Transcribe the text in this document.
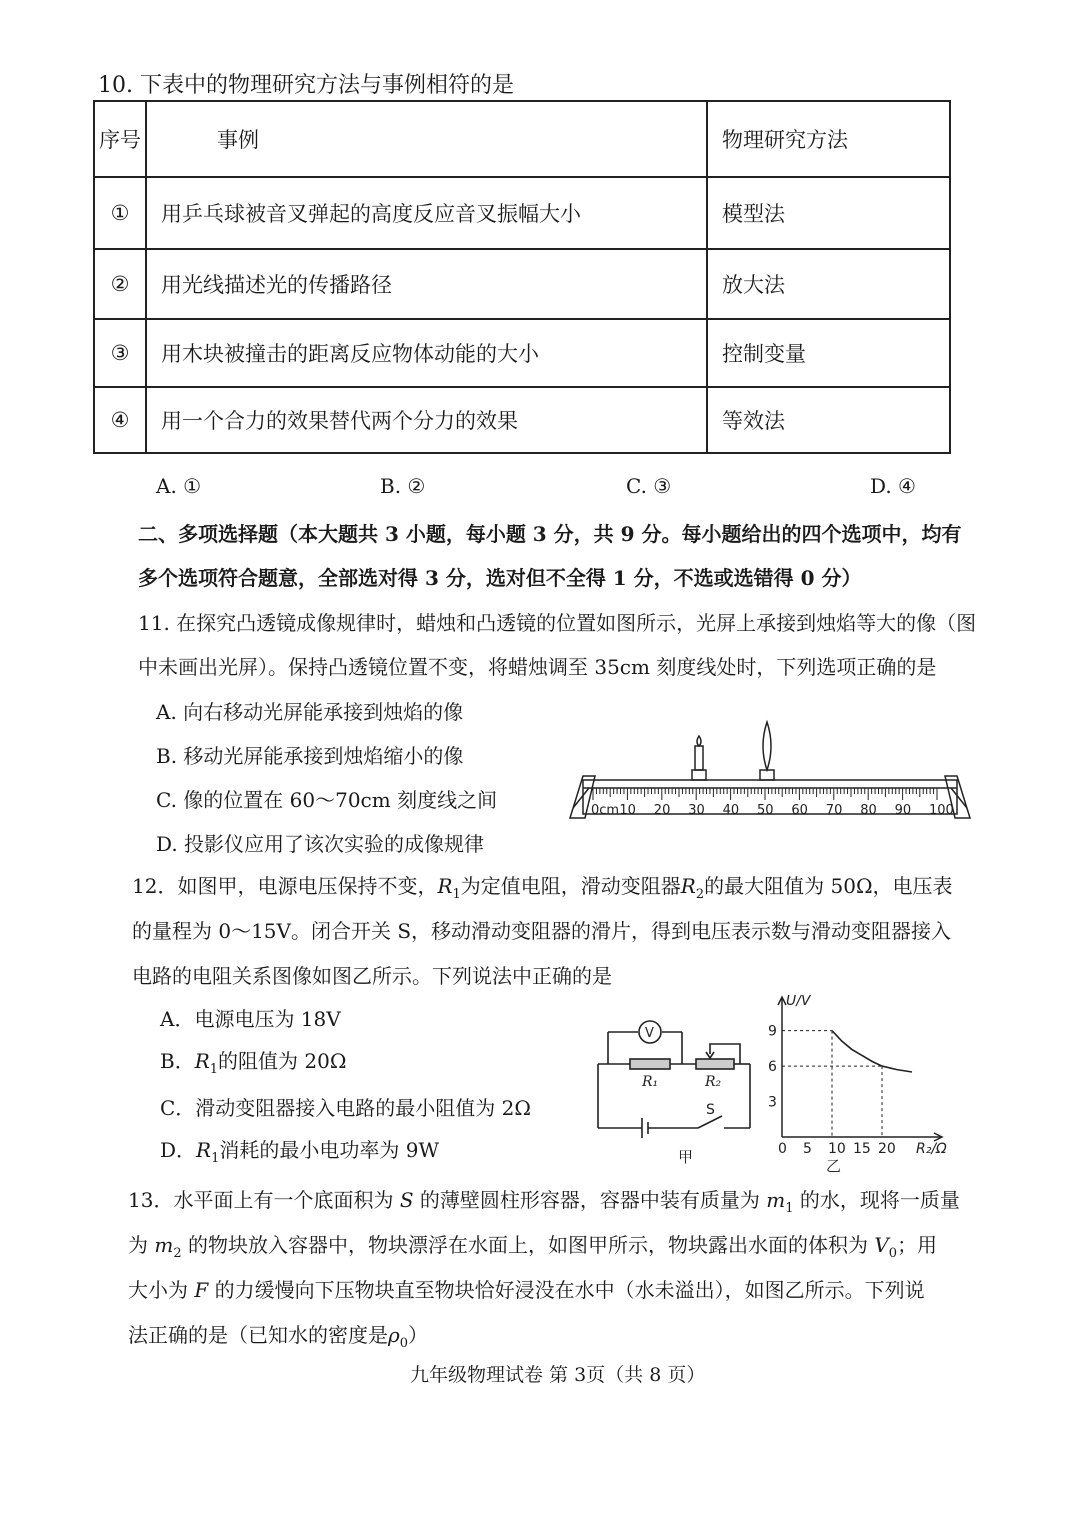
10. 下表中的物理研究方法与事例相符的是
序号	事例	物理研究方法
①	用乒乓球被音叉弹起的高度反应音叉振幅大小	模型法
②	用光线描述光的传播路径	放大法
③	用木块被撞击的距离反应物体动能的大小	控制变量
④	用一个合力的效果替代两个分力的效果	等效法
A. ①	B. ②	C. ③	D. ④
二、多项选择题（本大题共 3 小题，每小题 3 分，共 9 分。每小题给出的四个选项中，均有
多个选项符合题意，全部选对得 3 分，选对但不全得 1 分，不选或选错得 0 分）
11. 在探究凸透镜成像规律时，蜡烛和凸透镜的位置如图所示，光屏上承接到烛焰等大的像（图
中未画出光屏）。保持凸透镜位置不变，将蜡烛调至 35cm 刻度线处时，下列选项正确的是
A. 向右移动光屏能承接到烛焰的像
B. 移动光屏能承接到烛焰缩小的像
C. 像的位置在 60～70cm 刻度线之间
D. 投影仪应用了该次实验的成像规律
0cm 10 20 30 40 50 60 70 80 90 100
12．如图甲，电源电压保持不变，$R_1$为定值电阻，滑动变阻器$R_2$的最大阻值为 50Ω，电压表
的量程为 0～15V。闭合开关 S，移动滑动变阻器的滑片，得到电压表示数与滑动变阻器接入
电路的电阻关系图像如图乙所示。下列说法中正确的是
A．电源电压为 18V
B．$R_1$的阻值为 20Ω
C．滑动变阻器接入电路的最小阻值为 2Ω
D．$R_1$消耗的最小电功率为 9W
V
R₁	R₂
S
甲	0 5 10 15 20
3
6
9
U/V
R₂/Ω
乙
13．水平面上有一个底面积为 S 的薄壁圆柱形容器，容器中装有质量为 $m_1$ 的水，现将一质量
为 $m_2$ 的物块放入容器中，物块漂浮在水面上，如图甲所示，物块露出水面的体积为 $V_0$；用
大小为 F 的力缓慢向下压物块直至物块恰好浸没在水中（水未溢出），如图乙所示。下列说
法正确的是（已知水的密度是$\rho_0$）
九年级物理试卷 第 3页（共 8 页）
